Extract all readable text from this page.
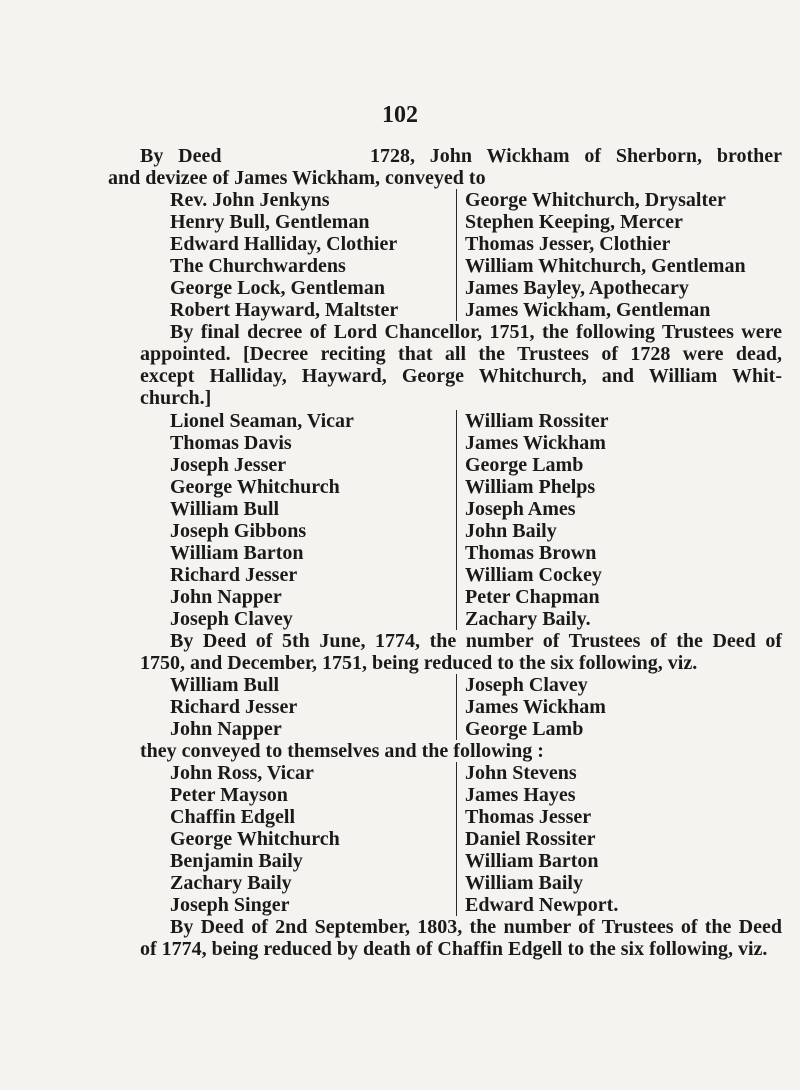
102
By Deed          1728, John Wickham of Sherborn, brother
and devizee of James Wickham, conveyed to
Rev. John Jenkyns
Henry Bull, Gentleman
Edward Halliday, Clothier
The Churchwardens
George Lock, Gentleman
Robert Hayward, Maltster
George Whitchurch, Drysalter
Stephen Keeping, Mercer
Thomas Jesser, Clothier
William Whitchurch, Gentleman
James Bayley, Apothecary
James Wickham, Gentleman
By final decree of Lord Chancellor, 1751, the following Trustees were
appointed. [Decree reciting that all the Trustees of 1728 were dead,
except Halliday, Hayward, George Whitchurch, and William Whit-
church.]
Lionel Seaman, Vicar
Thomas Davis
Joseph Jesser
George Whitchurch
William Bull
Joseph Gibbons
William Barton
Richard Jesser
John Napper
Joseph Clavey
William Rossiter
James Wickham
George Lamb
William Phelps
Joseph Ames
John Baily
Thomas Brown
William Cockey
Peter Chapman
Zachary Baily.
By Deed of 5th June, 1774, the number of Trustees of the Deed of
1750, and December, 1751, being reduced to the six following, viz.
William Bull
Richard Jesser
John Napper
Joseph Clavey
James Wickham
George Lamb
they conveyed to themselves and the following :
John Ross, Vicar
Peter Mayson
Chaffin Edgell
George Whitchurch
Benjamin Baily
Zachary Baily
Joseph Singer
John Stevens
James Hayes
Thomas Jesser
Daniel Rossiter
William Barton
William Baily
Edward Newport.
By Deed of 2nd September, 1803, the number of Trustees of the Deed
of 1774, being reduced by death of Chaffin Edgell to the six following, viz.
